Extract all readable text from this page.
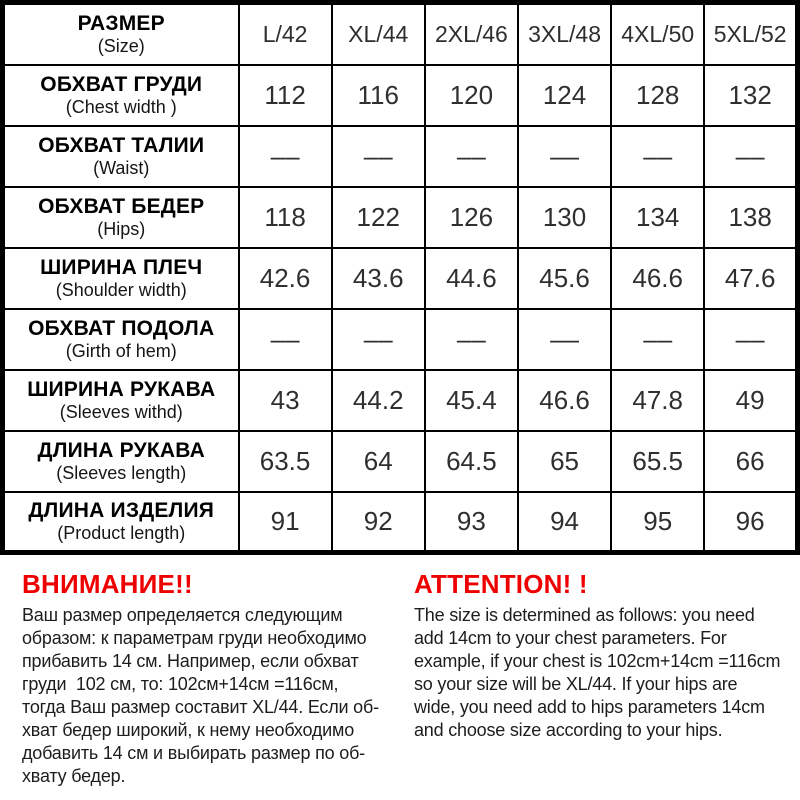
РАЗМЕР
(Size)	L/42	XL/44	2XL/46	3XL/48	4XL/50	5XL/52

ОБХВАТ ГРУДИ
(Chest width )	112	116	120	124	128	132

ОБХВАТ ТАЛИИ
(Waist)	––	––	––	––	––	––

ОБХВАТ БЕДЕР
(Hips)	118	122	126	130	134	138

ШИРИНА ПЛЕЧ
(Shoulder width)	42.6	43.6	44.6	45.6	46.6	47.6

ОБХВАТ ПОДОЛА
(Girth of hem)	––	––	––	––	––	––

ШИРИНА РУКАВА
(Sleeves withd)	43	44.2	45.4	46.6	47.8	49

ДЛИНА РУКАВА
(Sleeves length)	63.5	64	64.5	65	65.5	66

ДЛИНА ИЗДЕЛИЯ
(Product length)	91	92	93	94	95	96
ВНИМАНИЕ!!
Ваш размер определяется следующим
образом: к параметрам груди необходимо
прибавить 14 см. Например, если обхват
груди  102 см, то: 102см+14см =116см,
тогда Ваш размер составит XL/44. Если об-
хват бедер широкий, к нему необходимо
добавить 14 см и выбирать размер по об-
хвату бедер.
ATTENTION! !
The size is determined as follows: you need
add 14cm to your chest parameters. For
example, if your chest is 102cm+14cm =116cm
so your size will be XL/44. If your hips are
wide, you need add to hips parameters 14cm
and choose size according to your hips.
